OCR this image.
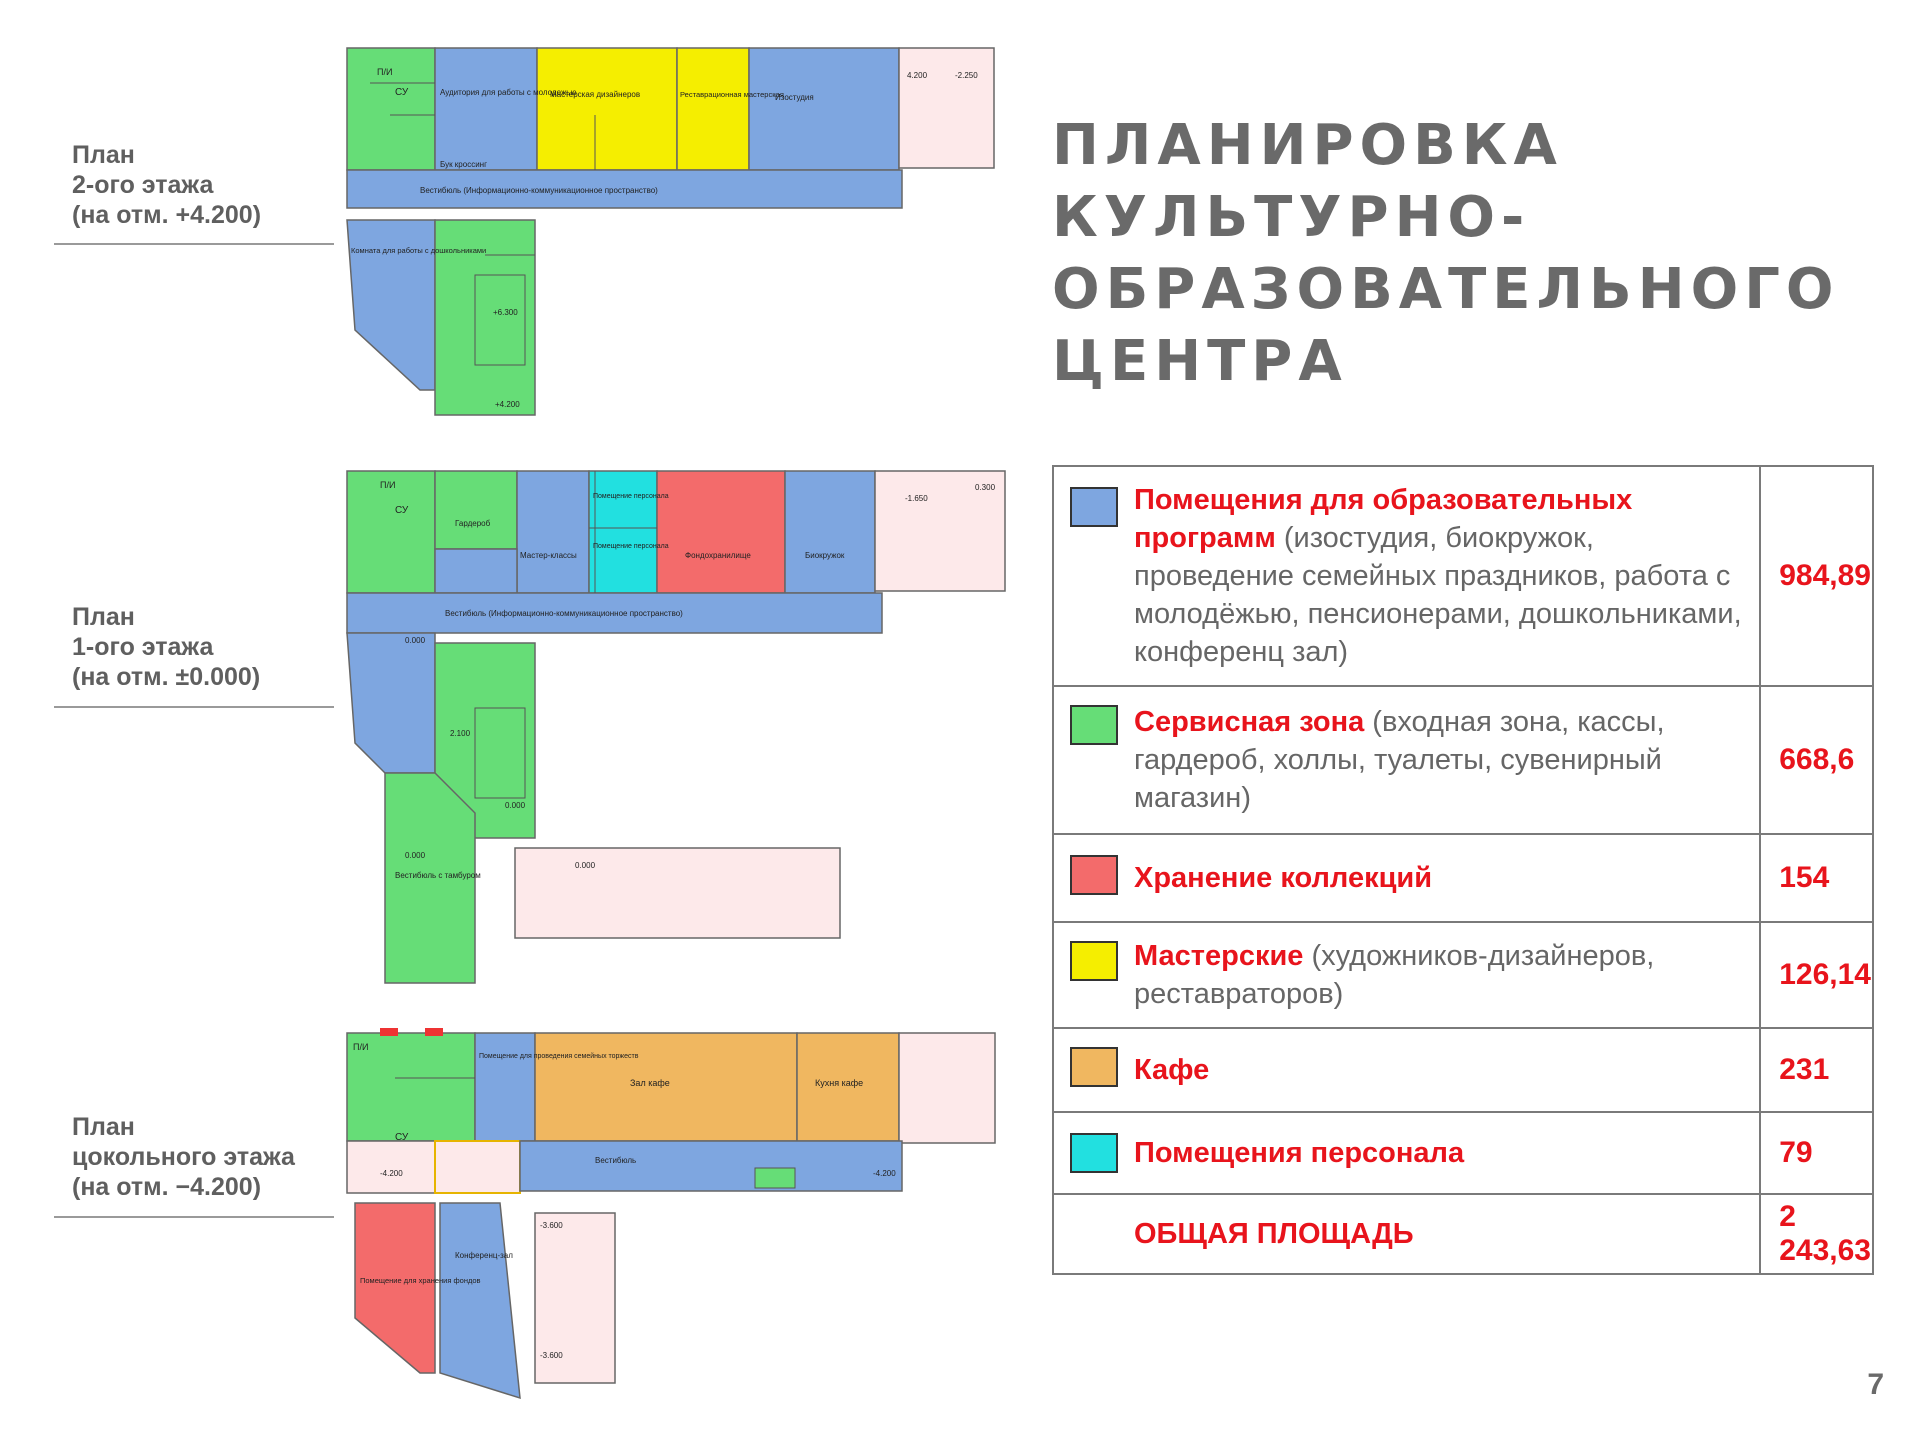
План
2-ого этажа
(на отм. +4.200)
План
1-ого этажа
(на отм. ±0.000)
План
цокольного этажа
(на отм. −4.200)
П/И
СУ	Аудитория для работы с молодежью
Мастерская дизайнеров	Реставрационная мастерская
Изостудия
Бук кроссинг
Вестибюль (Информационно-коммуникационное пространство)
Комната для работы с дошкольниками
4.200	-2.250
+6.300
+4.200
П/И
СУ
Гардероб
Мастер-классы
Помещение персонала
Помещение персонала
Фондохранилище	Биокружок
Вестибюль (Информационно-коммуникационное пространство)
Вестибюль с тамбуром
-1.650
0.300
0.000
0.000
2.100
0.000
0.000
П/И
СУ
Помещение для проведения семейных торжеств
Зал кафе	Кухня кафе
Вестибюль
Помещение для хранения фондов
Конференц-зал
-4.200	-4.200
-3.600
-3.600
ПЛАНИРОВКА
КУЛЬТУРНО-
ОБРАЗОВАТЕЛЬНОГО
ЦЕНТРА
Помещения для образовательных программ (изостудия, биокружок, проведение семейных праздников, работа с молодёжью, пенсионерами, дошкольниками, конференц зал)	984,89

Сервисная зона (входная зона, кассы, гардероб, холлы, туалеты, сувенирный магазин)	668,6

Хранение коллекций	154

Мастерские (художников-дизайнеров, реставраторов)	126,14

Кафе	231

Помещения персонала	79
ОБЩАЯ ПЛОЩАДЬ	2 243,63
7
